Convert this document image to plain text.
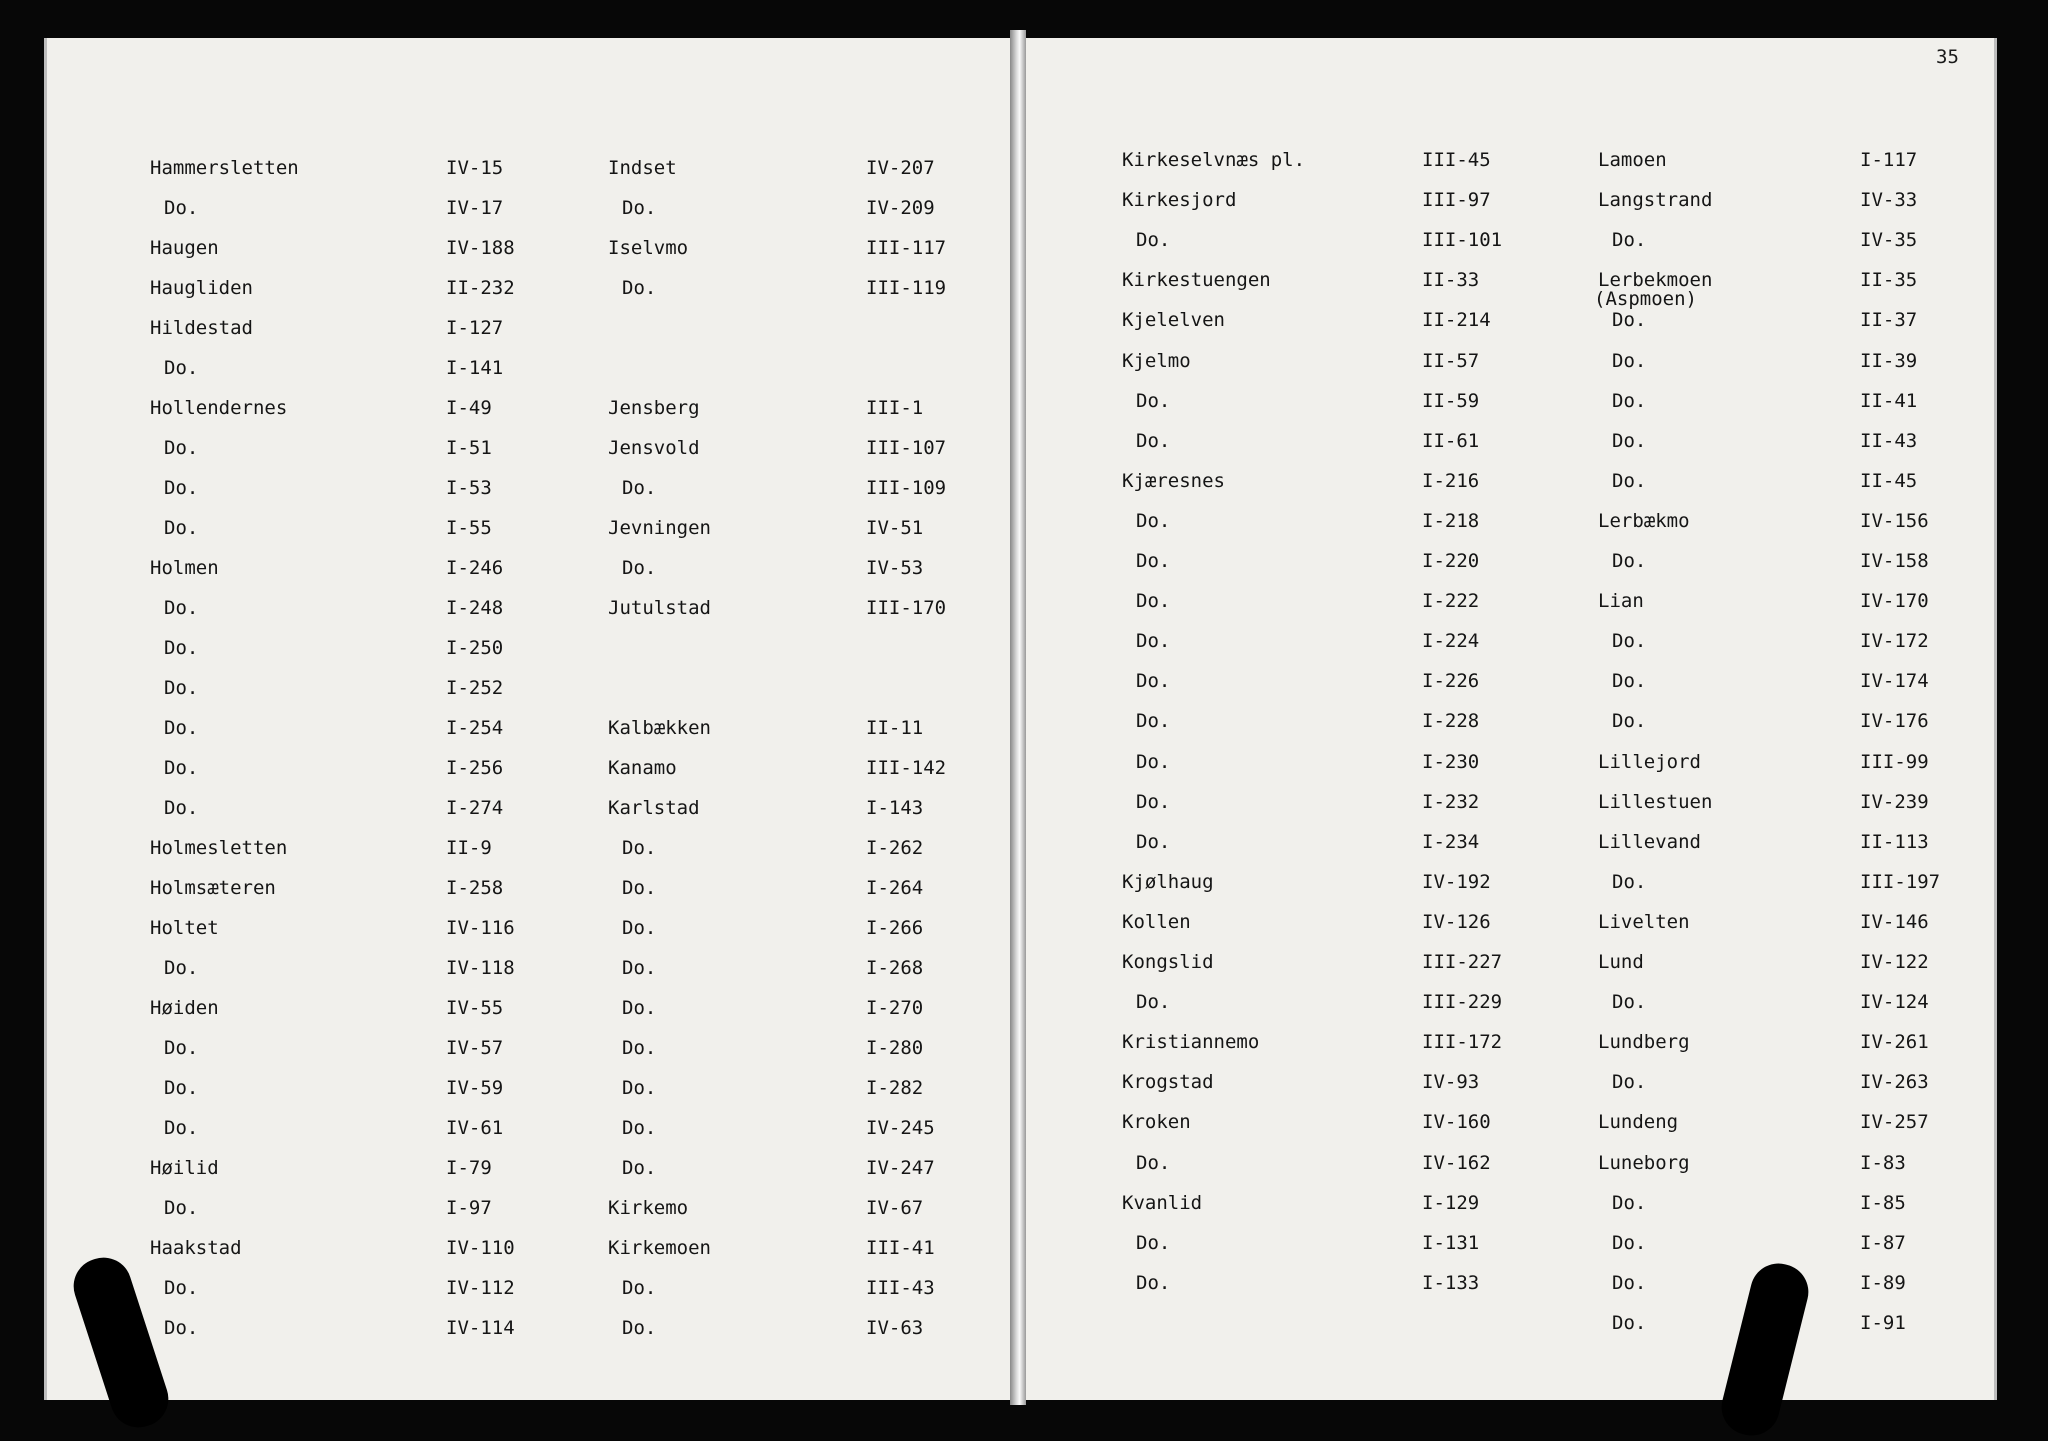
35
Hammersletten	IV-15
Do.	IV-17
Haugen	IV-188
Haugliden	II-232
Hildestad	I-127
Do.	I-141
Hollendernes	I-49
Do.	I-51
Do.	I-53
Do.	I-55
Holmen	I-246
Do.	I-248
Do.	I-250
Do.	I-252
Do.	I-254
Do.	I-256
Do.	I-274
Holmesletten	II-9
Holmsæteren	I-258
Holtet	IV-116
Do.	IV-118
Høiden	IV-55
Do.	IV-57
Do.	IV-59
Do.	IV-61
Høilid	I-79
Do.	I-97
Haakstad	IV-110
Do.	IV-112
Do.	IV-114
Indset	IV-207
Do.	IV-209
Iselvmo	III-117
Do.	III-119
Jensberg	III-1
Jensvold	III-107
Do.	III-109
Jevningen	IV-51
Do.	IV-53
Jutulstad	III-170
Kalbækken	II-11
Kanamo	III-142
Karlstad	I-143
Do.	I-262
Do.	I-264
Do.	I-266
Do.	I-268
Do.	I-270
Do.	I-280
Do.	I-282
Do.	IV-245
Do.	IV-247
Kirkemo	IV-67
Kirkemoen	III-41
Do.	III-43
Do.	IV-63
Kirkeselvnæs pl.	III-45
Kirkesjord	III-97
Do.	III-101
Kirkestuengen	II-33
Kjelelven	II-214
Kjelmo	II-57
Do.	II-59
Do.	II-61
Kjæresnes	I-216
Do.	I-218
Do.	I-220
Do.	I-222
Do.	I-224
Do.	I-226
Do.	I-228
Do.	I-230
Do.	I-232
Do.	I-234
Kjølhaug	IV-192
Kollen	IV-126
Kongslid	III-227
Do.	III-229
Kristiannemo	III-172
Krogstad	IV-93
Kroken	IV-160
Do.	IV-162
Kvanlid	I-129
Do.	I-131
Do.	I-133
Lamoen	I-117
Langstrand	IV-33
Do.	IV-35
Lerbekmoen	II-35
(Aspmoen)
Do.	II-37
Do.	II-39
Do.	II-41
Do.	II-43
Do.	II-45
Lerbækmo	IV-156
Do.	IV-158
Lian	IV-170
Do.	IV-172
Do.	IV-174
Do.	IV-176
Lillejord	III-99
Lillestuen	IV-239
Lillevand	II-113
Do.	III-197
Livelten	IV-146
Lund	IV-122
Do.	IV-124
Lundberg	IV-261
Do.	IV-263
Lundeng	IV-257
Luneborg	I-83
Do.	I-85
Do.	I-87
Do.	I-89
Do.	I-91
